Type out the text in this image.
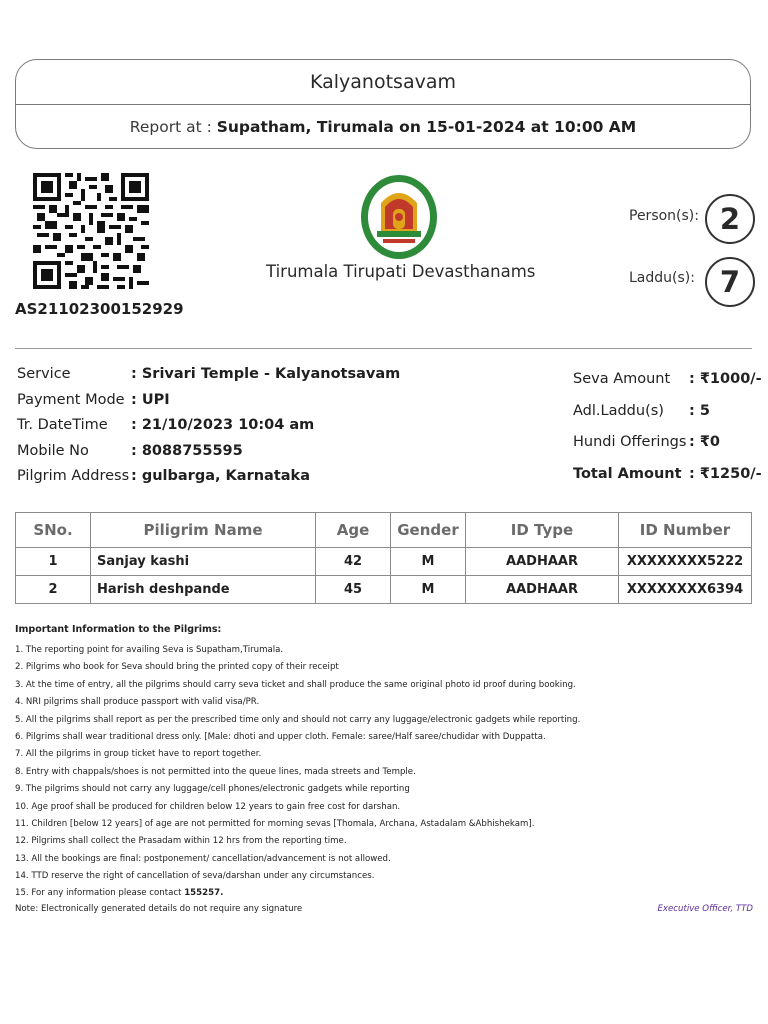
Kalyanotsavam
Report at : Supatham, Tirumala on 15-01-2024 at 10:00 AM
AS21102300152929
Tirumala Tirupati Devasthanams
Person(s): 2
Laddu(s): 7
Service	: Srivari Temple - Kalyanotsavam
Payment Mode : UPI
Tr. DateTime : 21/10/2023 10:04 am
Mobile No	: 8088755595
Pilgrim Address : gulbarga, Karnataka
Seva Amount : ₹1000/-
Adl.Laddu(s) : 5
Hundi Offerings : ₹0
Total Amount : ₹1250/-
SNo.	Piligrim Name	Age	Gender	ID Type	ID Number
1	Sanjay kashi	42	M	AADHAAR	XXXXXXXX5222
2	Harish deshpande	45	M	AADHAAR	XXXXXXXX6394
Important Information to the Pilgrims:
1. The reporting point for availing Seva is Supatham,Tirumala.
2. Pilgrims who book for Seva should bring the printed copy of their receipt
3. At the time of entry, all the pilgrims should carry seva ticket and shall produce the same original photo id proof during booking.
4. NRI pilgrims shall produce passport with valid visa/PR.
5. All the pilgrims shall report as per the prescribed time only and should not carry any luggage/electronic gadgets while reporting.
6. Pilgrims shall wear traditional dress only. [Male: dhoti and upper cloth. Female: saree/Half saree/chudidar with Duppatta.
7. All the pilgrims in group ticket have to report together.
8. Entry with chappals/shoes is not permitted into the queue lines, mada streets and Temple.
9. The pilgrims should not carry any luggage/cell phones/electronic gadgets while reporting
10. Age proof shall be produced for children below 12 years to gain free cost for darshan.
11. Children [below 12 years] of age are not permitted for morning sevas [Thomala, Archana, Astadalam &Abhishekam].
12. Pilgrims shall collect the Prasadam within 12 hrs from the reporting time.
13. All the bookings are final: postponement/ cancellation/advancement is not allowed.
14. TTD reserve the right of cancellation of seva/darshan under any circumstances.
15. For any information please contact 155257.
Note: Electronically generated details do not require any signature	Executive Officer, TTD
